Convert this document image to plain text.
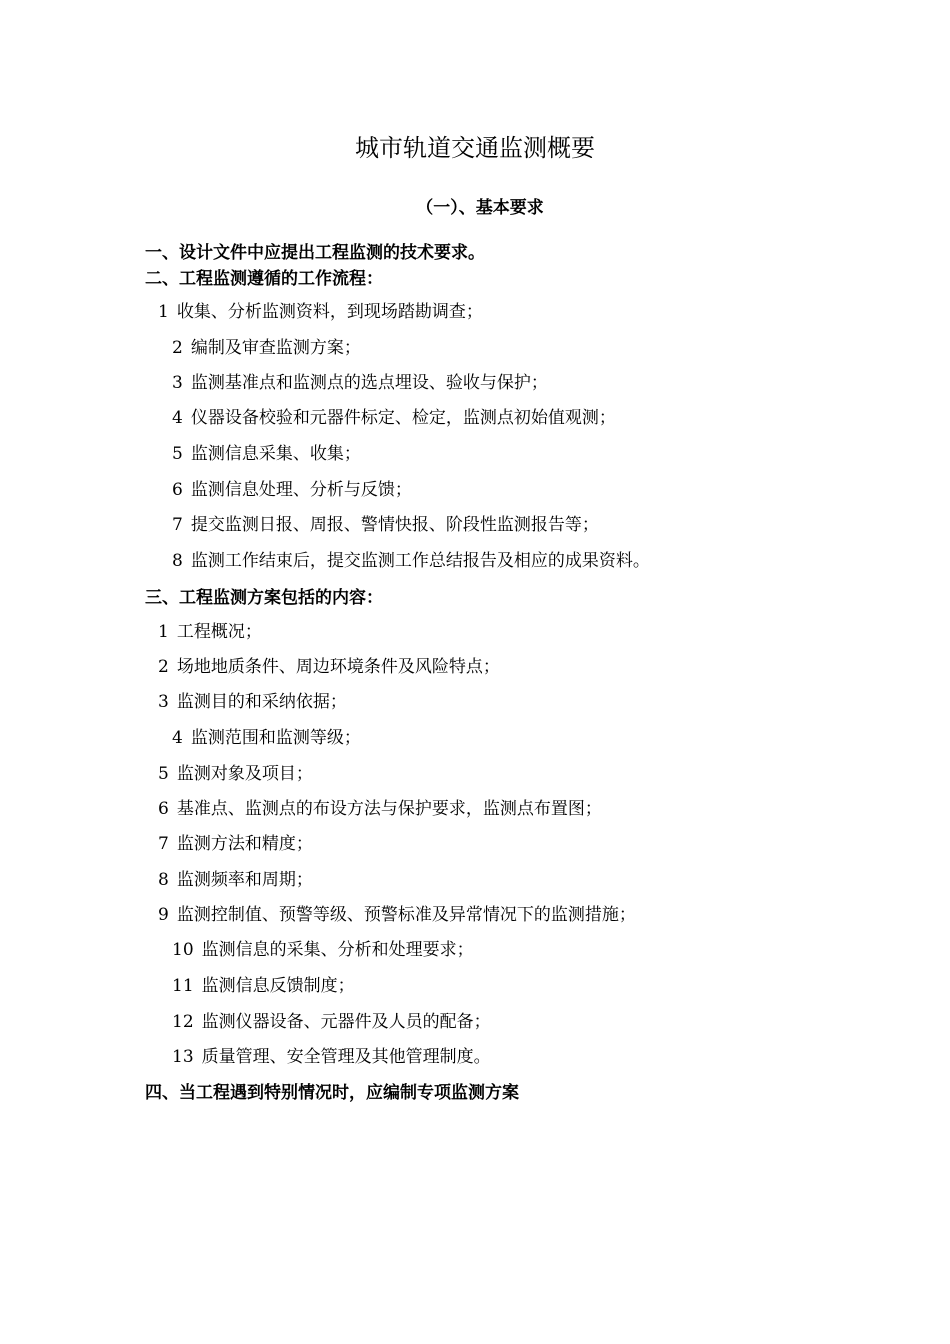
城市轨道交通监测概要
（一）、基本要求
一、设计文件中应提出工程监测的技术要求。
二、工程监测遵循的工作流程：
1 收集、分析监测资料，到现场踏勘调查；
2 编制及审查监测方案；
3 监测基准点和监测点的选点埋设、验收与保护；
4 仪器设备校验和元器件标定、检定，监测点初始值观测；
5 监测信息采集、收集；
6 监测信息处理、分析与反馈；
7 提交监测日报、周报、警情快报、阶段性监测报告等；
8 监测工作结束后，提交监测工作总结报告及相应的成果资料。
三、工程监测方案包括的内容：
1 工程概况；
2 场地地质条件、周边环境条件及风险特点；
3 监测目的和采纳依据；
4 监测范围和监测等级；
5 监测对象及项目；
6 基准点、监测点的布设方法与保护要求，监测点布置图；
7 监测方法和精度；
8 监测频率和周期；
9 监测控制值、预警等级、预警标准及异常情况下的监测措施；
10 监测信息的采集、分析和处理要求；
11 监测信息反馈制度；
12 监测仪器设备、元器件及人员的配备；
13 质量管理、安全管理及其他管理制度。
四、当工程遇到特别情况时，应编制专项监测方案
